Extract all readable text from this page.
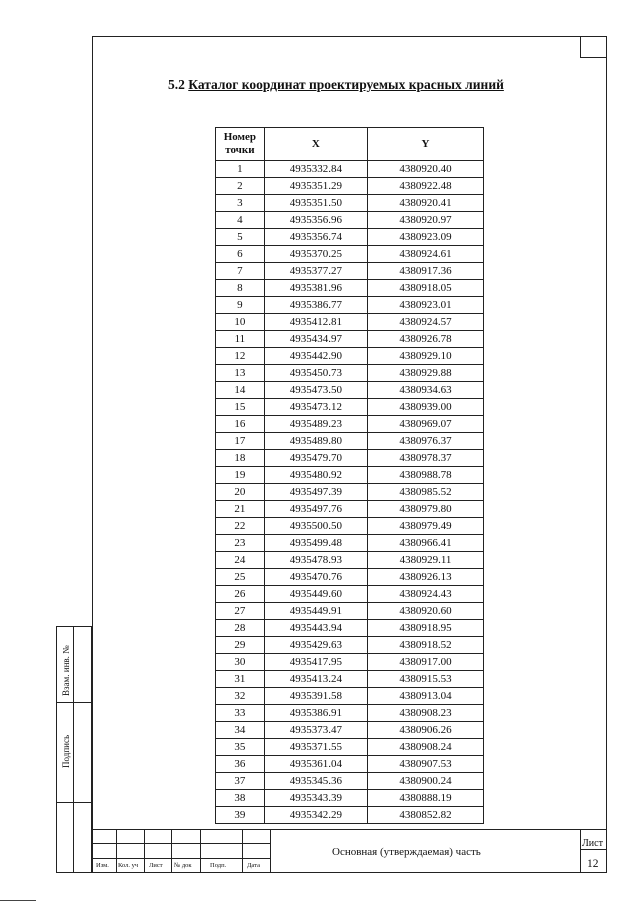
5.2 Каталог координат проектируемых красных линий
Номер точки	X	Y
1	4935332.84	4380920.40
2	4935351.29	4380922.48
3	4935351.50	4380920.41
4	4935356.96	4380920.97
5	4935356.74	4380923.09
6	4935370.25	4380924.61
7	4935377.27	4380917.36
8	4935381.96	4380918.05
9	4935386.77	4380923.01
10	4935412.81	4380924.57
11	4935434.97	4380926.78
12	4935442.90	4380929.10
13	4935450.73	4380929.88
14	4935473.50	4380934.63
15	4935473.12	4380939.00
16	4935489.23	4380969.07
17	4935489.80	4380976.37
18	4935479.70	4380978.37
19	4935480.92	4380988.78
20	4935497.39	4380985.52
21	4935497.76	4380979.80
22	4935500.50	4380979.49
23	4935499.48	4380966.41
24	4935478.93	4380929.11
25	4935470.76	4380926.13
26	4935449.60	4380924.43
27	4935449.91	4380920.60
28	4935443.94	4380918.95
29	4935429.63	4380918.52
30	4935417.95	4380917.00
31	4935413.24	4380915.53
32	4935391.58	4380913.04
33	4935386.91	4380908.23
34	4935373.47	4380906.26
35	4935371.55	4380908.24
36	4935361.04	4380907.53
37	4935345.36	4380900.24
38	4935343.39	4380888.19
39	4935342.29	4380852.82
Взам. инв. №
Подпись
Изм. Кол. уч Лист № док	Подп.	Дата
Основная (утверждаемая) часть
Лист
12
